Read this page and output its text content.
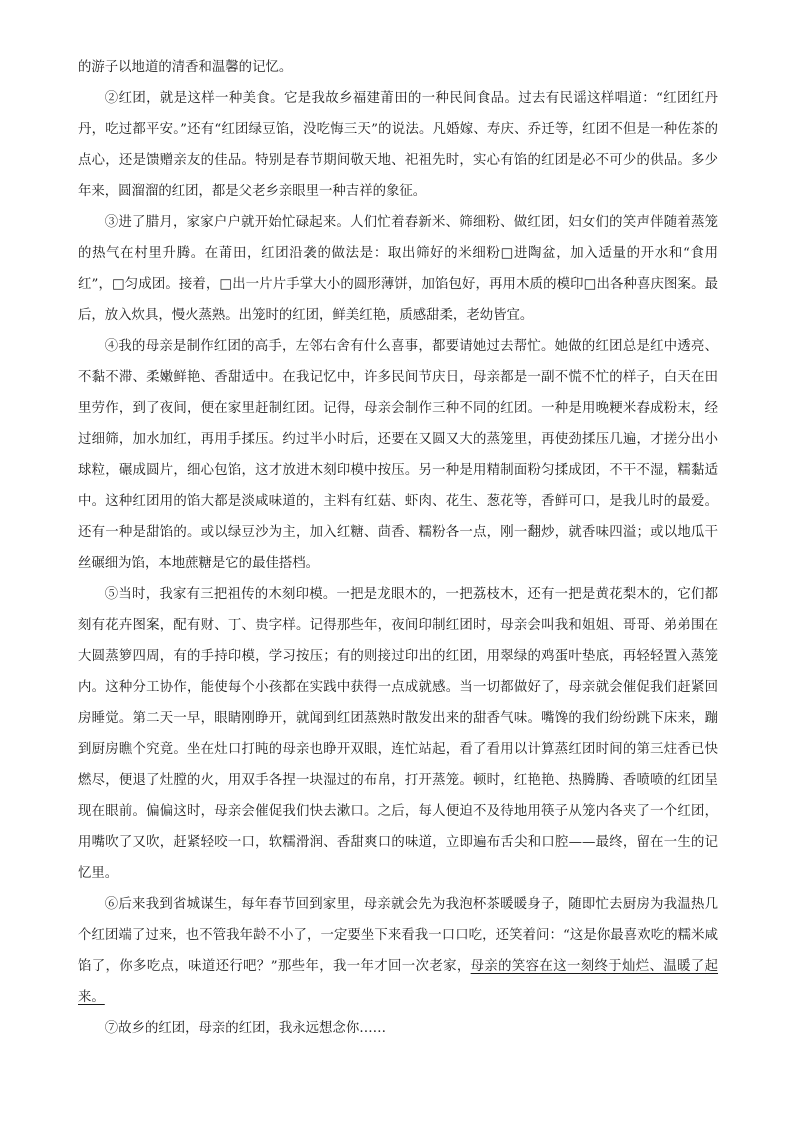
的游子以地道的清香和温馨的记忆。

②红团，就是这样一种美食。它是我故乡福建莆田的一种民间食品。过去有民谣这样唱道：“红团红丹丹，吃过都平安。”还有“红团绿豆馅，没吃悔三天”的说法。凡婚嫁、寿庆、乔迁等，红团不但是一种佐茶的点心，还是馈赠亲友的佳品。特别是春节期间敬天地、祀祖先时，实心有馅的红团是必不可少的供品。多少年来，圆溜溜的红团，都是父老乡亲眼里一种吉祥的象征。

③进了腊月，家家户户就开始忙碌起来。人们忙着舂新米、筛细粉、做红团，妇女们的笑声伴随着蒸笼的热气在村里升腾。在莆田，红团沿袭的做法是：取出筛好的米细粉□进陶盆，加入适量的开水和“食用红”，□匀成团。接着，□出一片片手掌大小的圆形薄饼，加馅包好，再用木质的模印□出各种喜庆图案。最后，放入炊具，慢火蒸熟。出笼时的红团，鲜美红艳，质感甜柔，老幼皆宜。

④我的母亲是制作红团的高手，左邻右舍有什么喜事，都要请她过去帮忙。她做的红团总是红中透亮、不黏不滞、柔嫩鲜艳、香甜适中。在我记忆中，许多民间节庆日，母亲都是一副不慌不忙的样子，白天在田里劳作，到了夜间，便在家里赶制红团。记得，母亲会制作三种不同的红团。一种是用晚粳米舂成粉末，经过细筛，加水加红，再用手揉压。约过半小时后，还要在又圆又大的蒸笼里，再使劲揉压几遍，才搓分出小球粒，碾成圆片，细心包馅，这才放进木刻印模中按压。另一种是用精制面粉匀揉成团，不干不湿，糯黏适中。这种红团用的馅大都是淡咸味道的，主料有红菇、虾肉、花生、葱花等，香鲜可口，是我儿时的最爱。还有一种是甜馅的。或以绿豆沙为主，加入红糖、茴香、糯粉各一点，刚一翻炒，就香味四溢；或以地瓜干丝碾细为馅，本地蔗糖是它的最佳搭档。

⑤当时，我家有三把祖传的木刻印模。一把是龙眼木的，一把荔枝木，还有一把是黄花梨木的，它们都刻有花卉图案，配有财、丁、贵字样。记得那些年，夜间印制红团时，母亲会叫我和姐姐、哥哥、弟弟围在大圆蒸箩四周，有的手持印模，学习按压；有的则接过印出的红团，用翠绿的鸡蛋叶垫底，再轻轻置入蒸笼内。这种分工协作，能使每个小孩都在实践中获得一点成就感。当一切都做好了，母亲就会催促我们赶紧回房睡觉。第二天一早，眼睛刚睁开，就闻到红团蒸熟时散发出来的甜香气味。嘴馋的我们纷纷跳下床来，蹦到厨房瞧个究竟。坐在灶口打盹的母亲也睁开双眼，连忙站起，看了看用以计算蒸红团时间的第三炷香已快燃尽，便退了灶膛的火，用双手各捏一块湿过的布帛，打开蒸笼。顿时，红艳艳、热腾腾、香喷喷的红团呈现在眼前。偏偏这时，母亲会催促我们快去漱口。之后，每人便迫不及待地用筷子从笼内各夹了一个红团，用嘴吹了又吹，赶紧轻咬一口，软糯滑润、香甜爽口的味道，立即遍布舌尖和口腔——最终，留在一生的记忆里。

⑥后来我到省城谋生，每年春节回到家里，母亲就会先为我泡杯茶暖暖身子，随即忙去厨房为我温热几个红团端了过来，也不管我年龄不小了，一定要坐下来看我一口口吃，还笑着问：“这是你最喜欢吃的糯米咸馅了，你多吃点，味道还行吧？”那些年，我一年才回一次老家，母亲的笑容在这一刻终于灿烂、温暖了起来。

⑦故乡的红团，母亲的红团，我永远想念你……
